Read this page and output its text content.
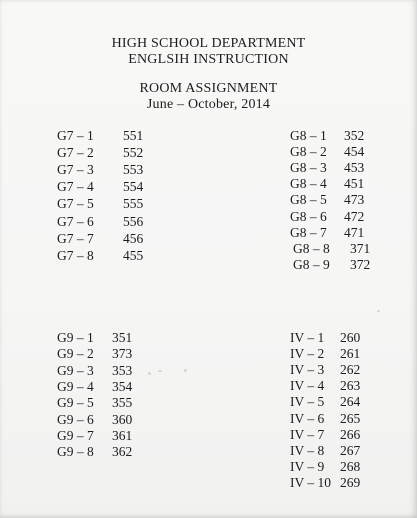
HIGH SCHOOL DEPARTMENT
ENGLSIH INSTRUCTION
ROOM ASSIGNMENT
June – October, 2014
G7 – 1 551
G7 – 2 552
G7 – 3 553
G7 – 4 554
G7 – 5 555
G7 – 6 556
G7 – 7 456
G7 – 8 455
G8 – 1 352
G8 – 2 454
G8 – 3 453
G8 – 4 451
G8 – 5 473
G8 – 6 472
G8 – 7 471
G8 – 8 371
G8 – 9 372
G9 – 1 351
G9 – 2 373
G9 – 3 353
G9 – 4 354
G9 – 5 355
G9 – 6 360
G9 – 7 361
G9 – 8 362
IV – 1 260
IV – 2 261
IV – 3 262
IV – 4 263
IV – 5 264
IV – 6 265
IV – 7 266
IV – 8 267
IV – 9 268
IV – 10 269
